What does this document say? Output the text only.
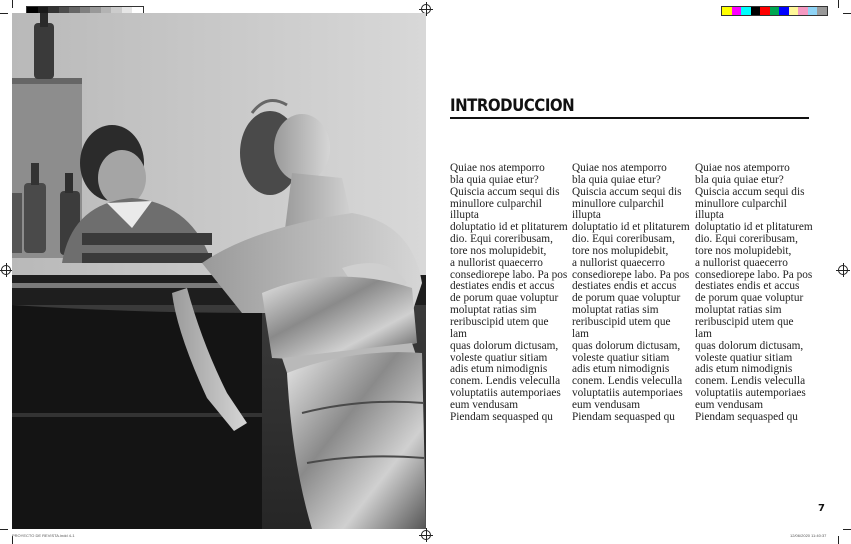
INTRODUCCION
Quiae nos atemporro
bla quia quiae etur?
Quiscia accum sequi dis
minullore culparchil illupta
doluptatio id et plitaturem
dio. Equi coreribusam,
tore nos molupidebit,
a nullorist quaecerro
consediorepe labo. Pa pos
destiates endis et accus
de porum quae voluptur
moluptat ratias sim
reribuscipid utem que lam
quas dolorum dictusam,
voleste quatiur sitiam
adis etum nimodignis
conem. Lendis veleculla
voluptatiis autemporiaes
eum vendusam
Piendam sequasped qu
Quiae nos atemporro
bla quia quiae etur?
Quiscia accum sequi dis
minullore culparchil illupta
doluptatio id et plitaturem
dio. Equi coreribusam,
tore nos molupidebit,
a nullorist quaecerro
consediorepe labo. Pa pos
destiates endis et accus
de porum quae voluptur
moluptat ratias sim
reribuscipid utem que lam
quas dolorum dictusam,
voleste quatiur sitiam
adis etum nimodignis
conem. Lendis veleculla
voluptatiis autemporiaes
eum vendusam
Piendam sequasped qu
Quiae nos atemporro
bla quia quiae etur?
Quiscia accum sequi dis
minullore culparchil illupta
doluptatio id et plitaturem
dio. Equi coreribusam,
tore nos molupidebit,
a nullorist quaecerro
consediorepe labo. Pa pos
destiates endis et accus
de porum quae voluptur
moluptat ratias sim
reribuscipid utem que lam
quas dolorum dictusam,
voleste quatiur sitiam
adis etum nimodignis
conem. Lendis veleculla
voluptatiis autemporiaes
eum vendusam
Piendam sequasped qu
7
PROYECTO DE REVISTA.indd 4-1	12/06/2020 11:40:37
